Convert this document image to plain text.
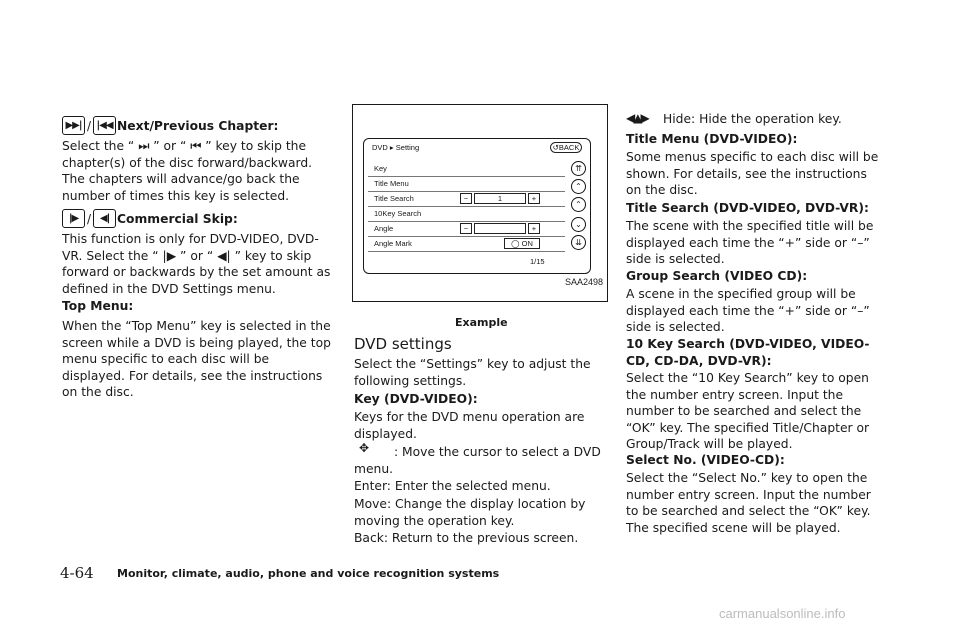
▶▶| / |◀◀ Next/Previous Chapter:

Select the “ ⏭ ” or “ ⏮ ” key to skip the chapter(s) of the disc forward/backward. The chapters will advance/go back the number of times this key is selected.

|▶ / ◀| Commercial Skip:

This function is only for DVD-VIDEO, DVD-VR. Select the “ |▶ ” or “ ◀| ” key to skip forward or backwards by the set amount as defined in the DVD Settings menu.

Top Menu:

When the “Top Menu” key is selected in the screen while a DVD is being played, the top menu specific to each disc will be displayed. For details, see the instructions on the disc.

DVD ▸ Setting	↺BACK
Key
Title Menu
Title Search	−	1	+
10Key Search
Angle	−	+
Angle Mark	◯ ON
1/15
⇈
⌃
⌃
⌄
⇊
SAA2498
Example
DVD settings

Select the “Settings” key to adjust the following settings.

Key (DVD-VIDEO):

Keys for the DVD menu operation are displayed.

✥	: Move the cursor to select a DVD menu.

Enter: Enter the selected menu.

Move: Change the display location by moving the operation key.

Back: Return to the previous screen.

◀▲▶ Hide: Hide the operation key.

Title Menu (DVD-VIDEO):

Some menus specific to each disc will be shown. For details, see the instructions on the disc.

Title Search (DVD-VIDEO, DVD-VR):

The scene with the specified title will be displayed each time the “+” side or “–” side is selected.

Group Search (VIDEO CD):

A scene in the specified group will be displayed each time the “+” side or “–” side is selected.

10 Key Search (DVD-VIDEO, VIDEO-CD, CD-DA, DVD-VR):

Select the “10 Key Search” key to open the number entry screen. Input the number to be searched and select the “OK” key. The specified Title/Chapter or Group/Track will be played.

Select No. (VIDEO-CD):

Select the “Select No.” key to open the number entry screen. Input the number to be searched and select the “OK” key. The specified scene will be played.

4-64 Monitor, climate, audio, phone and voice recognition systems
carmanualsonline.info
